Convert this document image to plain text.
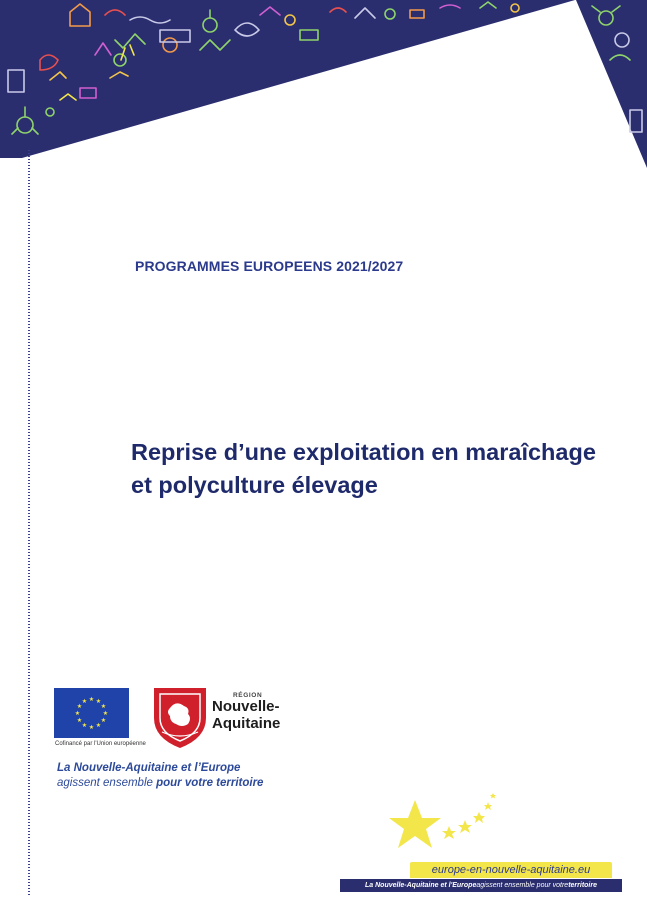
PROGRAMMES EUROPEENS 2021/2027

Reprise d’une exploitation en maraîchage et polyculture élevage
★ ★
★
★
★
★
★
★
★
★
★
★
Cofinancé par l'Union européenne
RÉGION
Nouvelle-Aquitaine
La Nouvelle-Aquitaine et l’Europe
agissent ensemble pour votre territoire
europe-en-nouvelle-aquitaine.eu
La Nouvelle-Aquitaine et l'Europe agissent ensemble pour votre territoire
